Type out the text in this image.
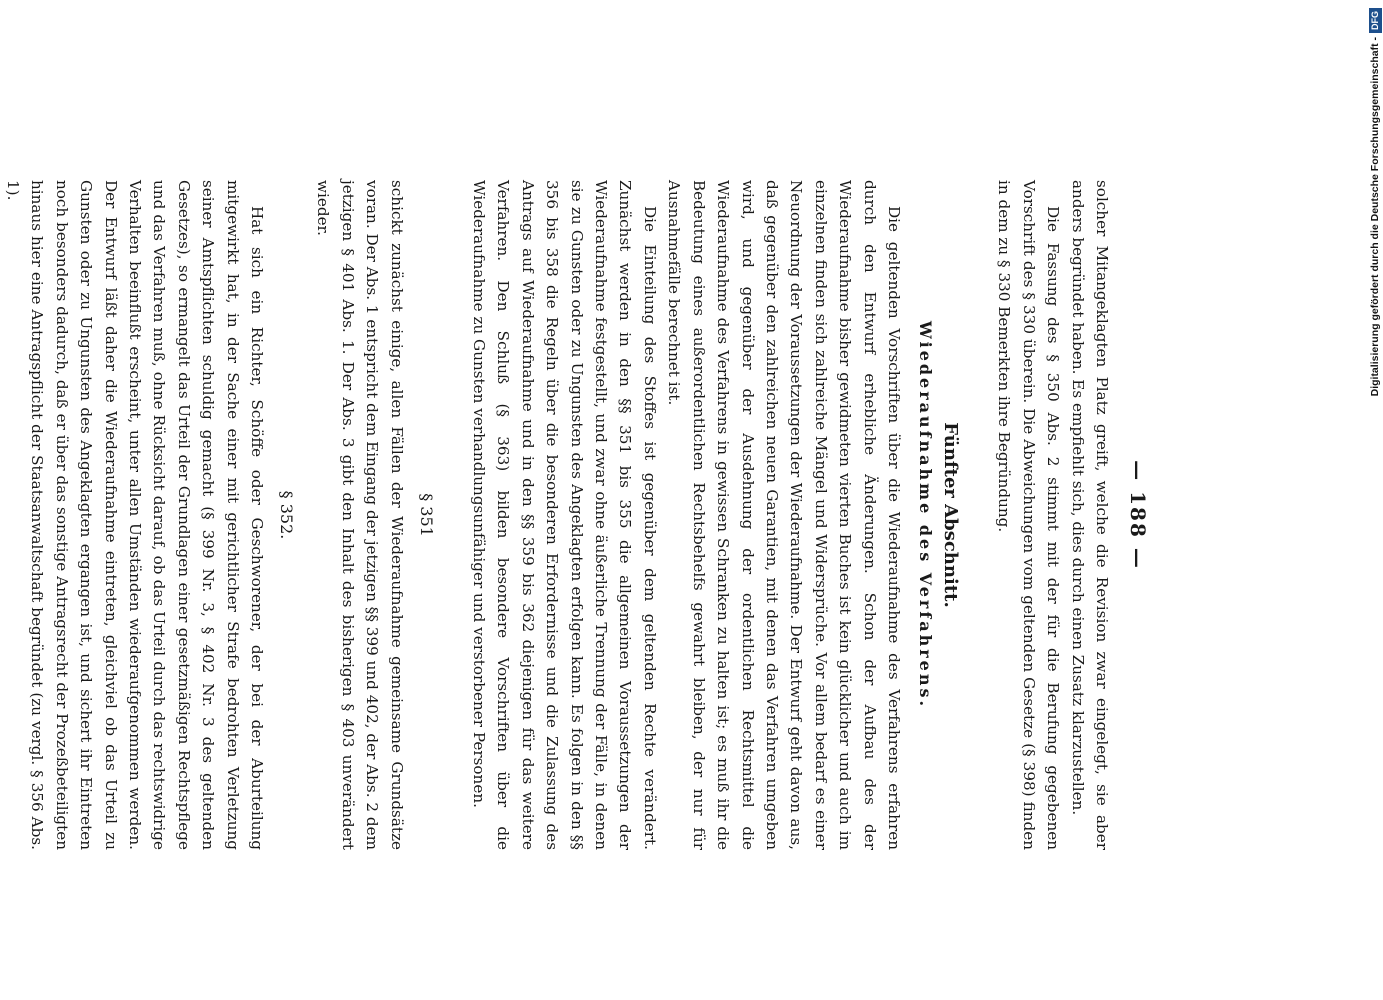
— 188 —

solcher Mitangeklagten Platz greift, welche die Revision zwar eingelegt, sie aber anders begründet haben. Es empfiehlt sich, dies durch einen Zusatz klarzustellen.

Die Fassung des § 350 Abs. 2 stimmt mit der für die Berufung gegebenen Vorschrift des § 330 überein. Die Abweichungen vom geltenden Gesetze (§ 398) finden in dem zu § 330 Bemerkten ihre Begründung.

Fünfter Abschnitt.
Wiederaufnahme des Verfahrens.

Die geltenden Vorschriften über die Wiederaufnahme des Verfahrens erfahren durch den Entwurf erhebliche Änderungen. Schon der Aufbau des der Wiederaufnahme bisher gewidmeten vierten Buches ist kein glücklicher und auch im einzelnen finden sich zahlreiche Mängel und Widersprüche. Vor allem bedarf es einer Neuordnung der Voraussetzungen der Wiederaufnahme. Der Entwurf geht davon aus, daß gegenüber den zahlreichen neuen Garantien, mit denen das Verfahren umgeben wird, und gegenüber der Ausdehnung der ordentlichen Rechtsmittel die Wiederaufnahme des Verfahrens in gewissen Schranken zu halten ist; es muß ihr die Bedeutung eines außerordentlichen Rechtsbehelfs gewahrt bleiben, der nur für Ausnahmefälle berechnet ist.

Die Einteilung des Stoffes ist gegenüber dem geltenden Rechte verändert. Zunächst werden in den §§ 351 bis 355 die allgemeinen Voraussetzungen der Wiederaufnahme festgestellt, und zwar ohne äußerliche Trennung der Fälle, in denen sie zu Gunsten oder zu Ungunsten des Angeklagten erfolgen kann. Es folgen in den §§ 356 bis 358 die Regeln über die besonderen Erfordernisse und die Zulassung des Antrags auf Wiederaufnahme und in den §§ 359 bis 362 diejenigen für das weitere Verfahren. Den Schluß (§ 363) bilden besondere Vorschriften über die Wiederaufnahme zu Gunsten verhandlungsunfähiger und verstorbener Personen.

§ 351

schickt zunächst einige, allen Fällen der Wiederaufnahme gemeinsame Grundsätze voran. Der Abs. 1 entspricht dem Eingang der jetzigen §§ 399 und 402, der Abs. 2 dem jetzigen § 401 Abs. 1. Der Abs. 3 gibt den Inhalt des bisherigen § 403 unverändert wieder.

§ 352.

Hat sich ein Richter, Schöffe oder Geschworener, der bei der Aburteilung mitgewirkt hat, in der Sache einer mit gerichtlicher Strafe bedrohten Verletzung seiner Amtspflichten schuldig gemacht (§ 399 Nr. 3, § 402 Nr. 3 des geltenden Gesetzes), so ermangelt das Urteil der Grundlagen einer gesetzmäßigen Rechtspflege und das Verfahren muß, ohne Rücksicht darauf, ob das Urteil durch das rechtswidrige Verhalten beeinflußt erscheint, unter allen Umständen wiederaufgenommen werden. Der Entwurf läßt daher die Wiederaufnahme eintreten, gleichviel ob das Urteil zu Gunsten oder zu Ungunsten des Angeklagten ergangen ist, und sichert ihr Eintreten noch besonders dadurch, daß er über das sonstige Antragsrecht der Prozeßbeteiligten hinaus hier eine Antragspflicht der Staatsanwaltschaft begründet (zu vergl. § 356 Abs. 1).	Digitalisierung gefördert durch die Deutsche Forschungsgemeinschaft -
DFG
